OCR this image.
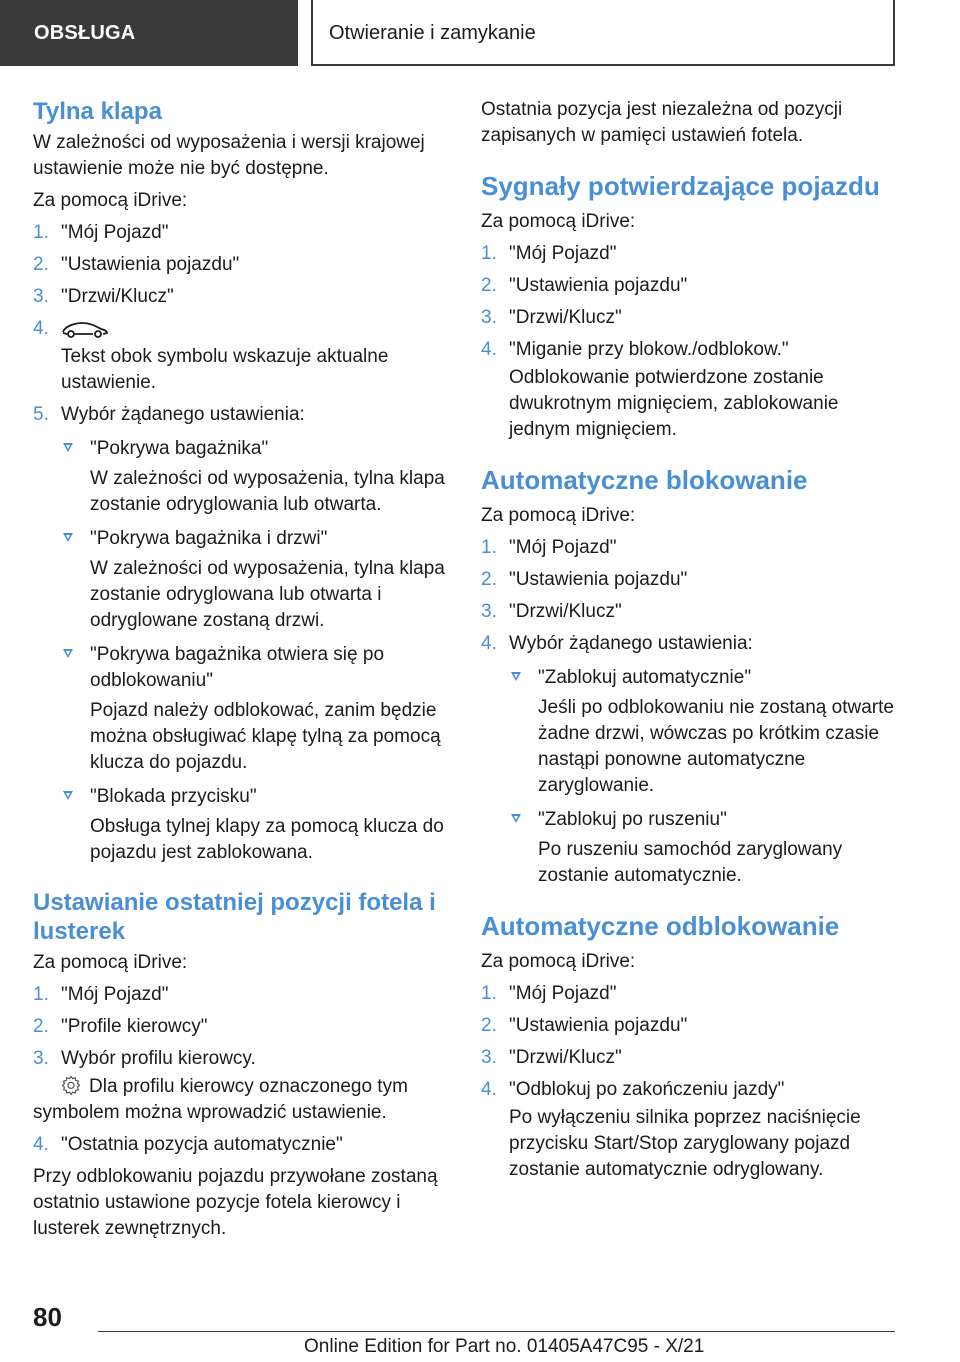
OBSŁUGA	Otwieranie i zamykanie
Tylna klapa

W zależności od wyposażenia i wersji krajowej ustawienie może nie być dostępne.

Za pomocą iDrive:

1. "Mój Pojazd"
2. "Ustawienia pojazdu"
3. "Drzwi/Klucz"
4.
Tekst obok symbolu wskazuje aktualne ustawienie.
5. Wybór żądanego ustawienia:
"Pokrywa bagażnika"
W zależności od wyposażenia, tylna klapa zostanie odryglowania lub otwarta.
"Pokrywa bagażnika i drzwi"
W zależności od wyposażenia, tylna klapa zostanie odryglowana lub otwarta i odryglowane zostaną drzwi.
"Pokrywa bagażnika otwiera się po odblokowaniu"
Pojazd należy odblokować, zanim będzie można obsługiwać klapę tylną za pomocą klucza do pojazdu.
"Blokada przycisku"
Obsługa tylnej klapy za pomocą klucza do pojazdu jest zablokowana.
Ustawianie ostatniej pozycji fotela i lusterek

Za pomocą iDrive:

1. "Mój Pojazd"
2. "Profile kierowcy"
3. Wybór profilu kierowcy.
Dla profilu kierowcy oznaczonego tym symbolem można wprowadzić ustawienie.
4. "Ostatnia pozycja automatycznie"

Przy odblokowaniu pojazdu przywołane zostaną ostatnio ustawione pozycje fotela kierowcy i lusterek zewnętrznych.

Ostatnia pozycja jest niezależna od pozycji zapisanych w pamięci ustawień fotela.

Sygnały potwierdzające pojazdu

Za pomocą iDrive:

1. "Mój Pojazd"
2. "Ustawienia pojazdu"
3. "Drzwi/Klucz"
4. "Miganie przy blokow./odblokow."
Odblokowanie potwierdzone zostanie dwukrotnym mignięciem, zablokowanie jednym mignięciem.
Automatyczne blokowanie

Za pomocą iDrive:

1. "Mój Pojazd"
2. "Ustawienia pojazdu"
3. "Drzwi/Klucz"
4. Wybór żądanego ustawienia:
"Zablokuj automatycznie"
Jeśli po odblokowaniu nie zostaną otwarte żadne drzwi, wówczas po krótkim czasie nastąpi ponowne automatyczne zaryglowanie.
"Zablokuj po ruszeniu"
Po ruszeniu samochód zaryglowany zostanie automatycznie.
Automatyczne odblokowanie

Za pomocą iDrive:

1. "Mój Pojazd"
2. "Ustawienia pojazdu"
3. "Drzwi/Klucz"
4. "Odblokuj po zakończeniu jazdy"
Po wyłączeniu silnika poprzez naciśnięcie przycisku Start/Stop zaryglowany pojazd zostanie automatycznie odryglowany.
80
Online Edition for Part no. 01405A47C95 - X/21
